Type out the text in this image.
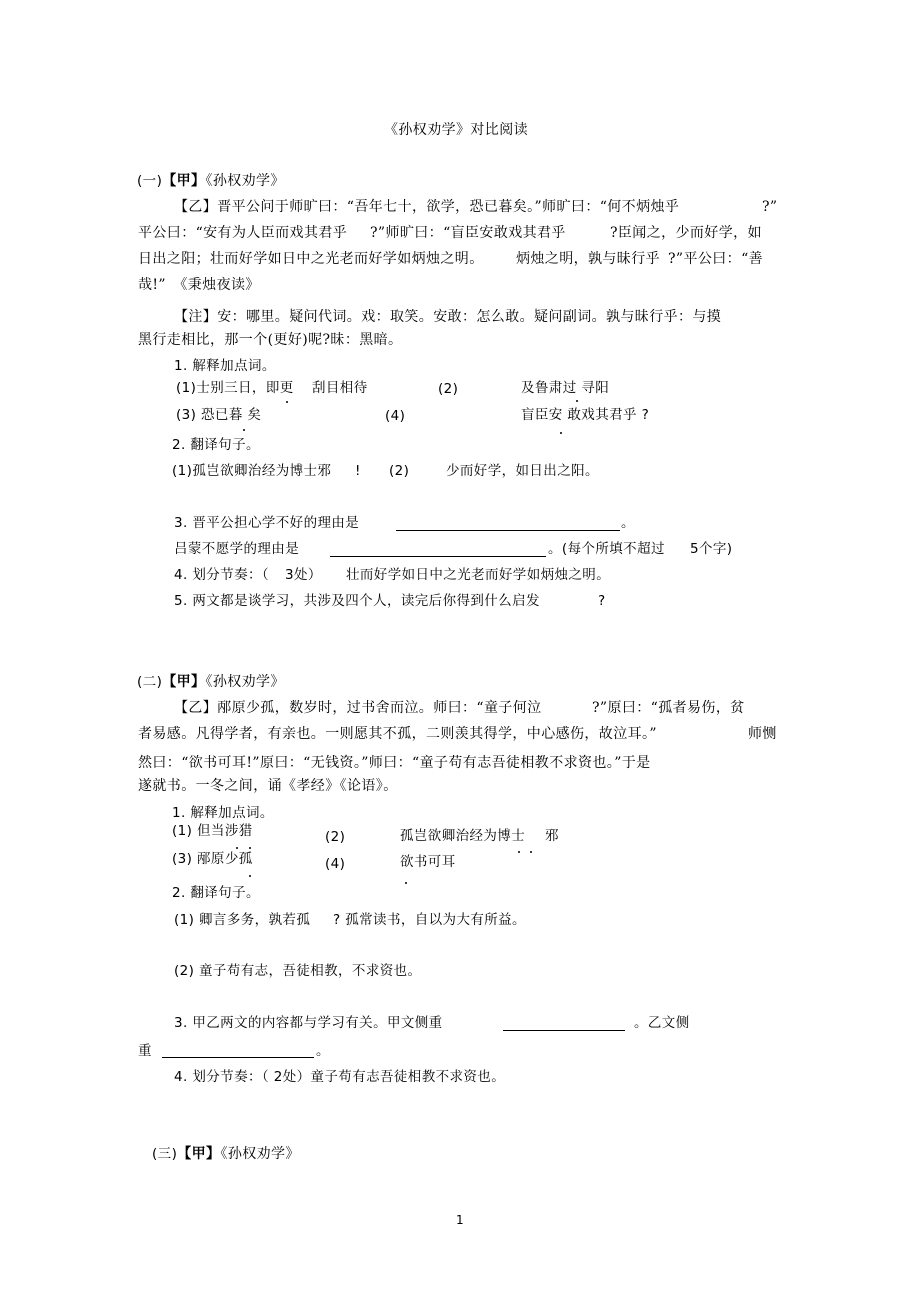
《孙权劝学》对比阅读
(一)【甲】《孙权劝学》
【乙】晋平公问于师旷曰：“吾年七十，欲学，恐已暮矣。”师旷曰：“何不炳烛乎	?”
平公曰：“安有为人臣而戏其君乎 ?”师旷曰：“盲臣安敢戏其君乎	?臣闻之，少而好学，如
日出之阳；壮而好学如日中之光老而好学如炳烛之明。 炳烛之明，孰与昧行乎 ?”平公曰：“善
哉!”　《秉烛夜读》
【注】安：哪里。疑问代词。戏：取笑。安敢：怎么敢。疑问副词。孰与昧行乎：与摸
黑行走相比，那一个(更好)呢?昧：黑暗。
1. 解释加点词。
(1)士别三日，即更 刮目相待	(2)	及鲁肃过 寻阳
(3) 恐已暮 矣	(4)	盲臣安 敢戏其君乎 ?
2. 翻译句子。
(1)孤岂欲卿治经为博士邪 ! (2)	少而好学，如日出之阳。
3. 晋平公担心学不好的理由是	。
吕蒙不愿学的理由是	。(每个所填不超过 5个字)
4. 划分节奏：（ 3处） 壮而好学如日中之光老而好学如炳烛之明。
5. 两文都是谈学习，共涉及四个人，读完后你得到什么启发	?
(二)【甲】《孙权劝学》
【乙】邴原少孤，数岁时，过书舍而泣。师曰：“童子何泣	?”原曰：“孤者易伤，贫
者易感。凡得学者，有亲也。一则愿其不孤，二则羡其得学，中心感伤，故泣耳。”	师恻
然曰：“欲书可耳!”原曰：“无钱资。”师曰：“童子苟有志吾徒相教不求资也。”于是
遂就书。一冬之间，诵《孝经》《论语》。
1. 解释加点词。
(1) 但当涉猎	(2)	孤岂欲卿治经为博士 邪
(3) 邴原少孤	(4)	欲书可耳
2. 翻译句子。
(1) 卿言多务，孰若孤 ? 孤常读书，自以为大有所益。
(2) 童子苟有志，吾徒相教，不求资也。
3. 甲乙两文的内容都与学习有关。甲文侧重	。乙文侧
重	。
4. 划分节奏：（ 2处）童子苟有志吾徒相教不求资也。
(三)【甲】《孙权劝学》
1
